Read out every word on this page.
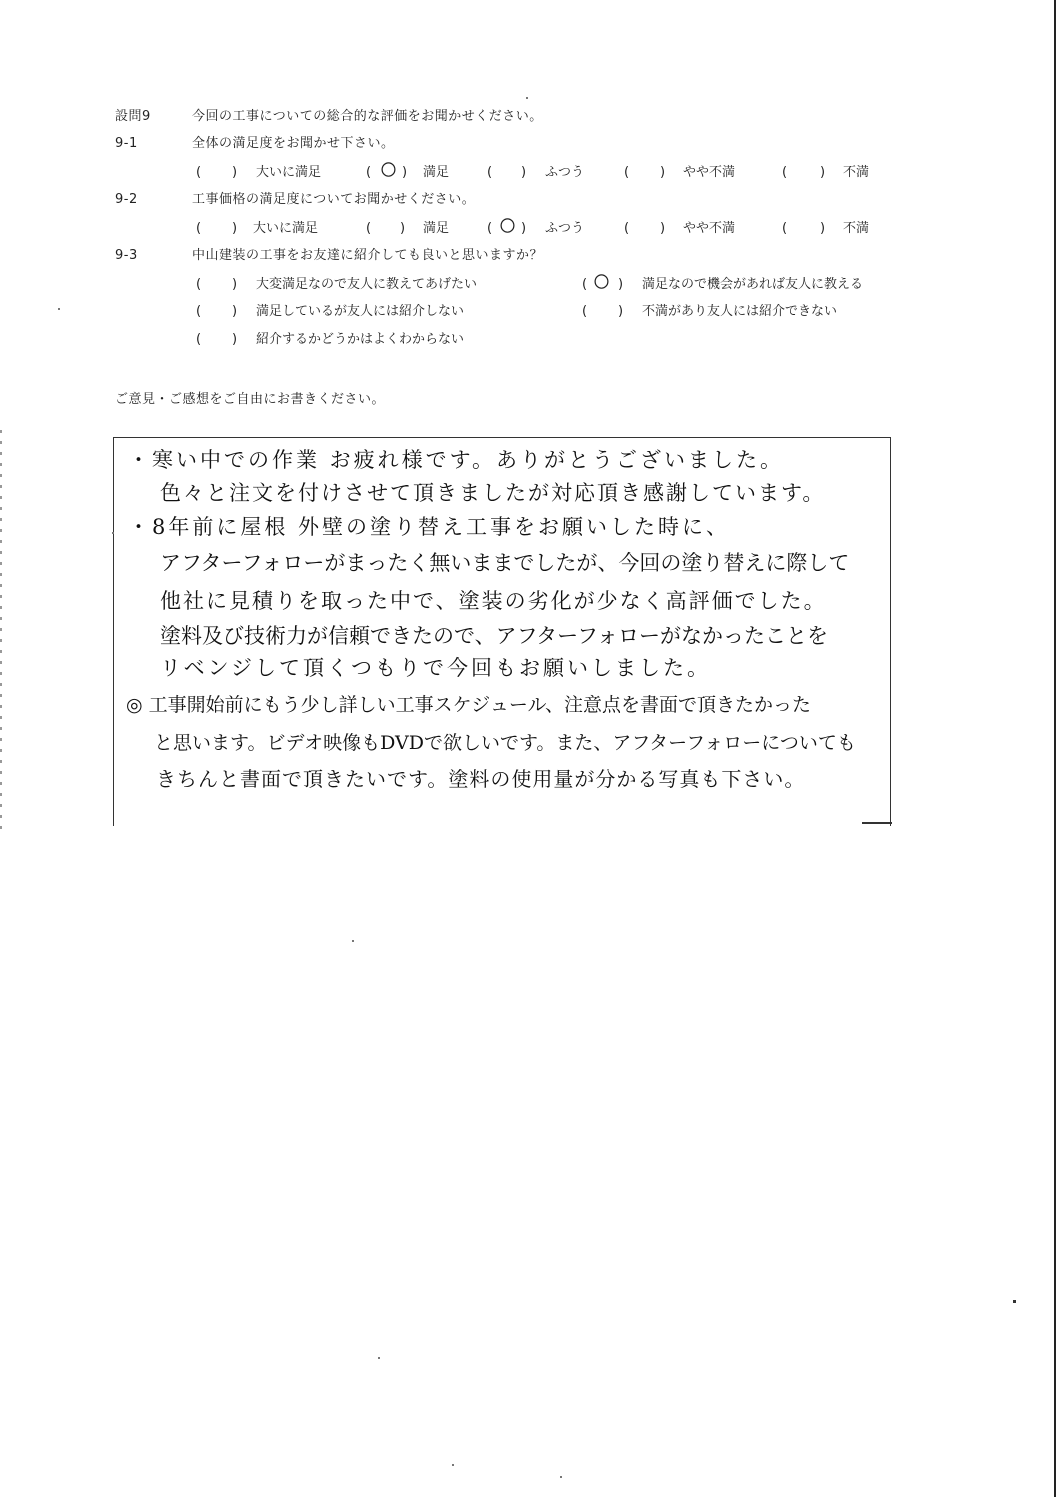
設問9	今回の工事についての総合的な評価をお聞かせください。
9-1	全体の満足度をお聞かせ下さい。
( ) 大いに満足	( 〇 ) 満足	( ) ふつう	( ) やや不満	(	) 不満
9-2	工事価格の満足度についてお聞かせください。
( ) 大いに満足	( ) 満足	( 〇 ) ふつう	( ) やや不満	(	) 不満
9-3	中山建装の工事をお友達に紹介しても良いと思いますか？
( ) 大変満足なので友人に教えてあげたい	( 〇 ) 満足なので機会があれば友人に教える
( ) 満足しているが友人には紹介しない	( ) 不満があり友人には紹介できない
( ) 紹介するかどうかはよくわからない
ご意見・ご感想をご自由にお書きください。
・寒い中での作業 お疲れ様です。ありがとうございました。
色々と注文を付けさせて頂きましたが対応頂き感謝しています。
・8年前に屋根 外壁の塗り替え工事をお願いした時に、
アフターフォローがまったく無いままでしたが、今回の塗り替えに際して
他社に見積りを取った中で、塗装の劣化が少なく高評価でした。
塗料及び技術力が信頼できたので、アフターフォローがなかったことを
リベンジして頂くつもりで今回もお願いしました。
◎ 工事開始前にもう少し詳しい工事スケジュール、注意点を書面で頂きたかった
と思います。ビデオ映像もDVDで欲しいです。また、アフターフォローについても
きちんと書面で頂きたいです。塗料の使用量が分かる写真も下さい。
